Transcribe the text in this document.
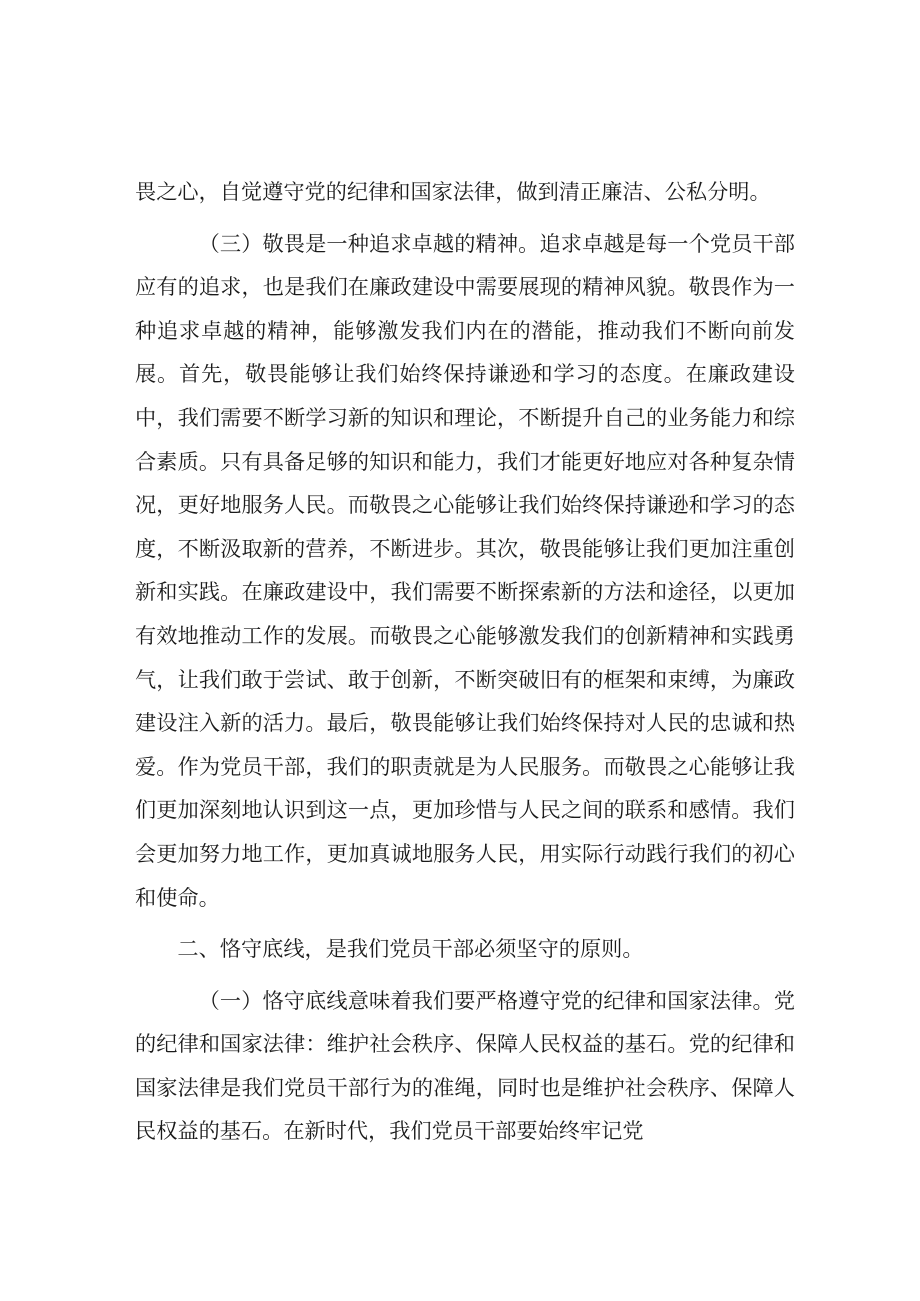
畏之心，自觉遵守党的纪律和国家法律，做到清正廉洁、公私分明。

（三）敬畏是一种追求卓越的精神。追求卓越是每一个党员干部应有的追求，也是我们在廉政建设中需要展现的精神风貌。敬畏作为一种追求卓越的精神，能够激发我们内在的潜能，推动我们不断向前发展。首先，敬畏能够让我们始终保持谦逊和学习的态度。在廉政建设中，我们需要不断学习新的知识和理论，不断提升自己的业务能力和综合素质。只有具备足够的知识和能力，我们才能更好地应对各种复杂情况，更好地服务人民。而敬畏之心能够让我们始终保持谦逊和学习的态度，不断汲取新的营养，不断进步。其次，敬畏能够让我们更加注重创新和实践。在廉政建设中，我们需要不断探索新的方法和途径，以更加有效地推动工作的发展。而敬畏之心能够激发我们的创新精神和实践勇气，让我们敢于尝试、敢于创新，不断突破旧有的框架和束缚，为廉政建设注入新的活力。最后，敬畏能够让我们始终保持对人民的忠诚和热爱。作为党员干部，我们的职责就是为人民服务。而敬畏之心能够让我们更加深刻地认识到这一点，更加珍惜与人民之间的联系和感情。我们会更加努力地工作，更加真诚地服务人民，用实际行动践行我们的初心和使命。

二、恪守底线，是我们党员干部必须坚守的原则。

（一）恪守底线意味着我们要严格遵守党的纪律和国家法律。党的纪律和国家法律：维护社会秩序、保障人民权益的基石。党的纪律和国家法律是我们党员干部行为的准绳，同时也是维护社会秩序、保障人民权益的基石。在新时代，我们党员干部要始终牢记党
